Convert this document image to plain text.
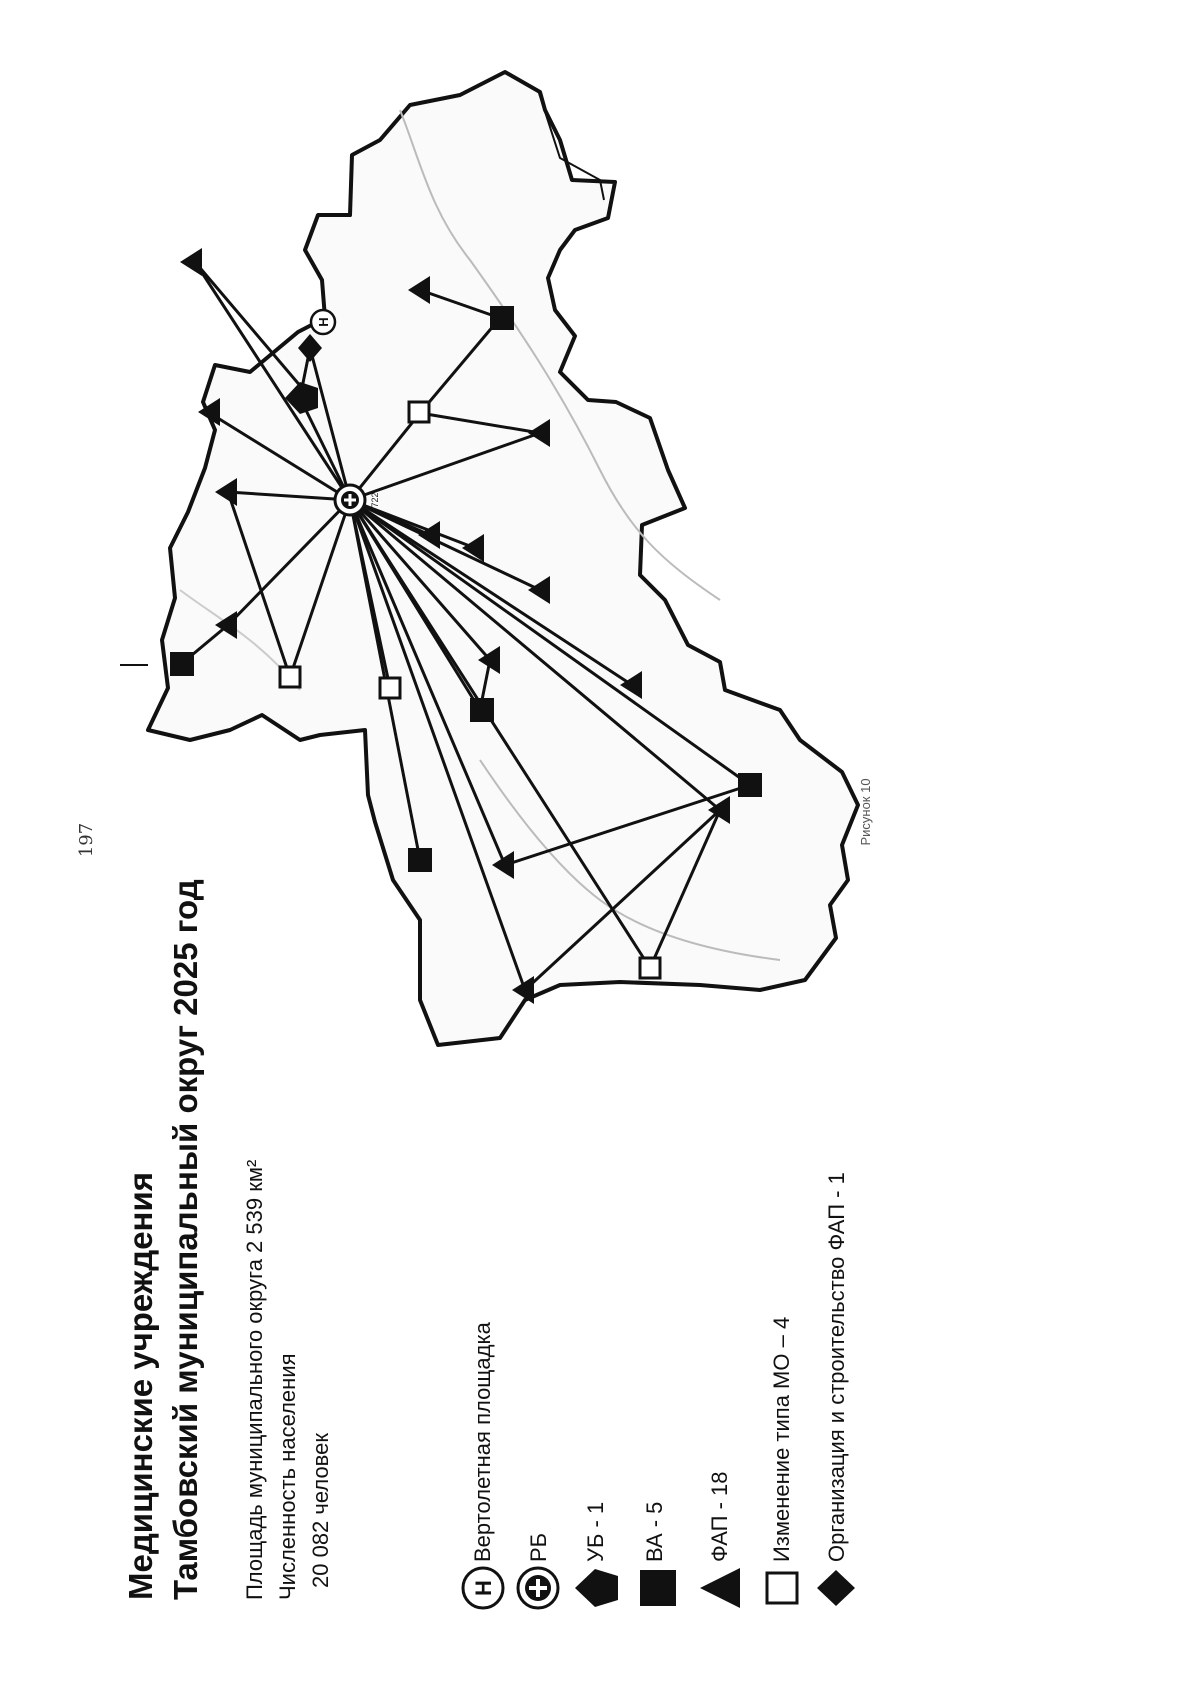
197
Медицинские учреждения Тамбовский муниципальный округ 2025 год Площадь муниципального округа 2 539 км² Численность населения 20 082 человек	H
Вертолетная площадка РБ УБ - 1 ВА - 5 ФАП - 18 Изменение типа МО – 4 Организация и строительство ФАП - 1
H
722
Рисунок 10
